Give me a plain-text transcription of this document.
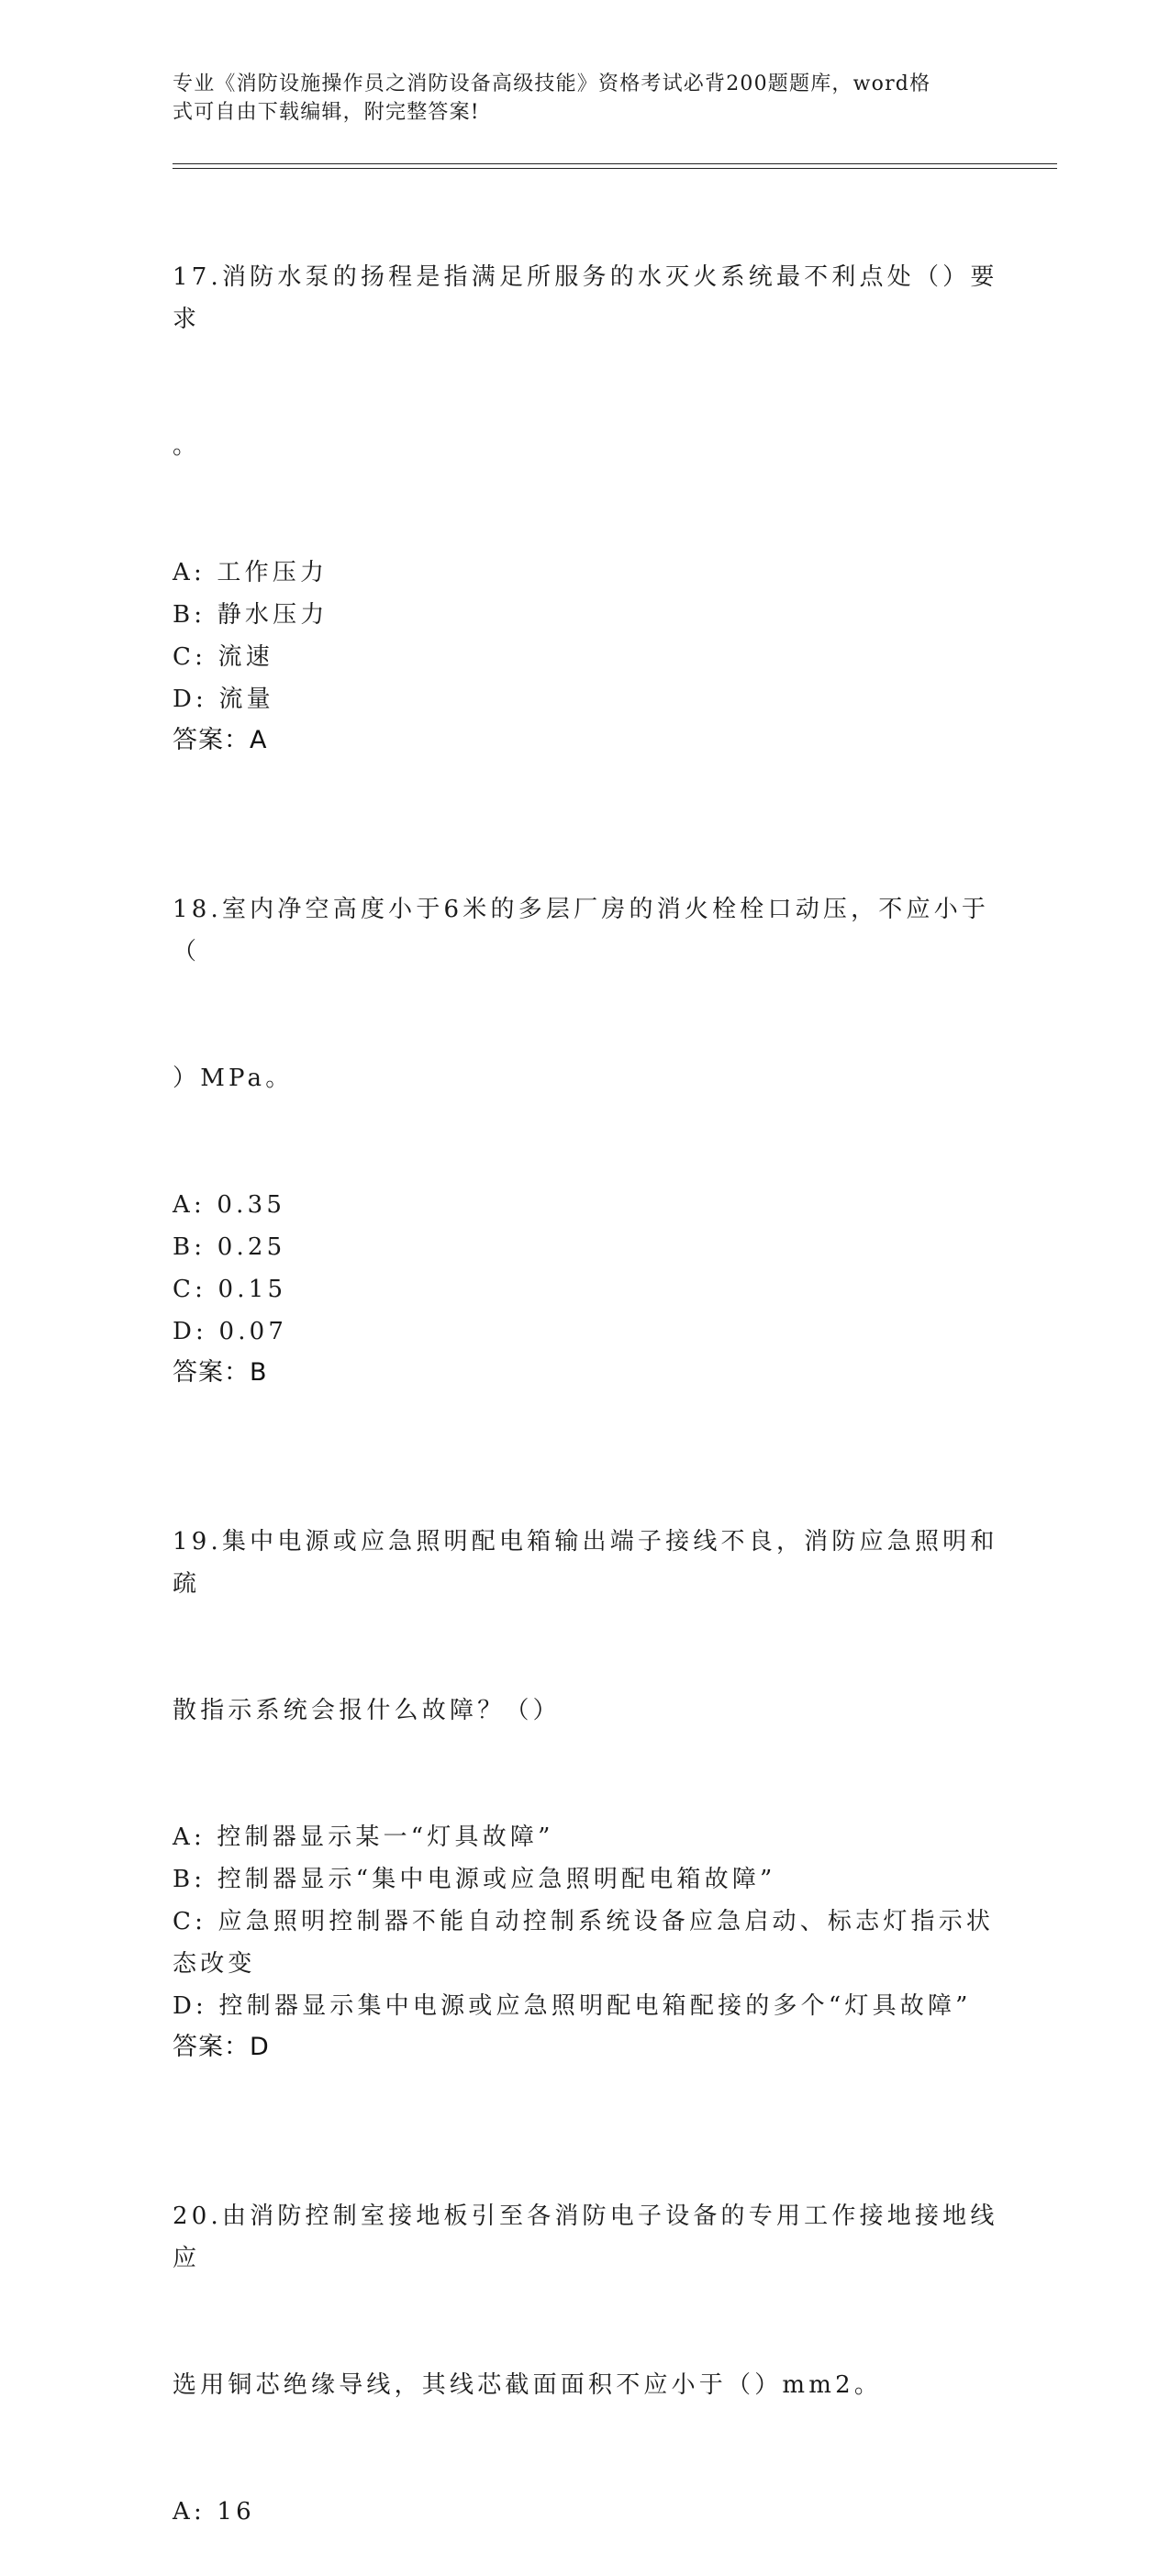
专业《消防设施操作员之消防设备高级技能》资格考试必背200题题库，word格
式可自由下载编辑，附完整答案!

17.消防水泵的扬程是指满足所服务的水灭火系统最不利点处（）要求

。

A: 工作压力
B: 静水压力
C: 流速
D: 流量
答案：A

18.室内净空高度小于6米的多层厂房的消火栓栓口动压，不应小于（

）MPa。

A: 0.35
B: 0.25
C: 0.15
D: 0.07
答案：B

19.集中电源或应急照明配电箱输出端子接线不良，消防应急照明和疏

散指示系统会报什么故障？（）

A: 控制器显示某一“灯具故障”
B: 控制器显示“集中电源或应急照明配电箱故障”
C: 应急照明控制器不能自动控制系统设备应急启动、标志灯指示状态改变
D: 控制器显示集中电源或应急照明配电箱配接的多个“灯具故障”
答案：D

20.由消防控制室接地板引至各消防电子设备的专用工作接地接地线应

选用铜芯绝缘导线，其线芯截面面积不应小于（）mm2。

A: 16
